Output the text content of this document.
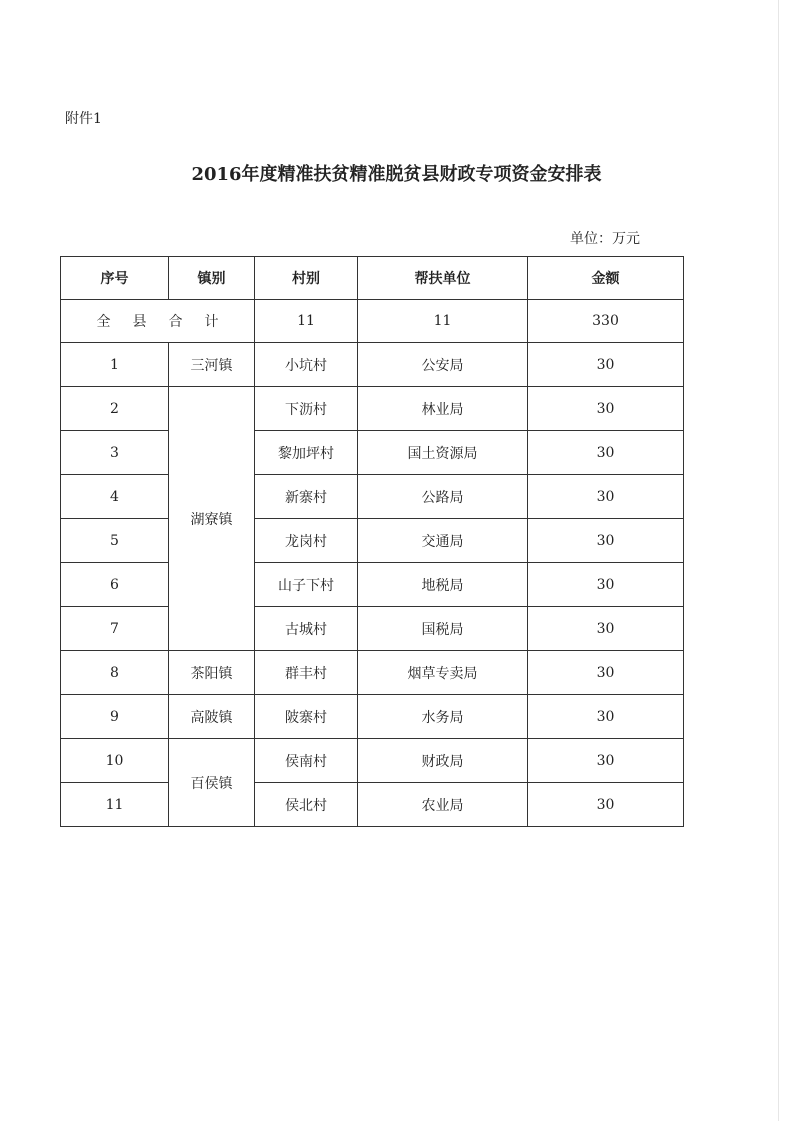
附件1
2016年度精准扶贫精准脱贫县财政专项资金安排表
单位：万元
序号	镇别	村别	帮扶单位	金额
全县合计		11	11	330
1	三河镇	小坑村	公安局	30
2	湖寮镇	下沥村	林业局	30
3		黎加坪村	国土资源局	30
4		新寨村	公路局	30
5		龙岗村	交通局	30
6		山子下村	地税局	30
7		古城村	国税局	30
8	茶阳镇	群丰村	烟草专卖局	30
9	高陂镇	陂寨村	水务局	30
10	百侯镇	侯南村	财政局	30
11		侯北村	农业局	30
